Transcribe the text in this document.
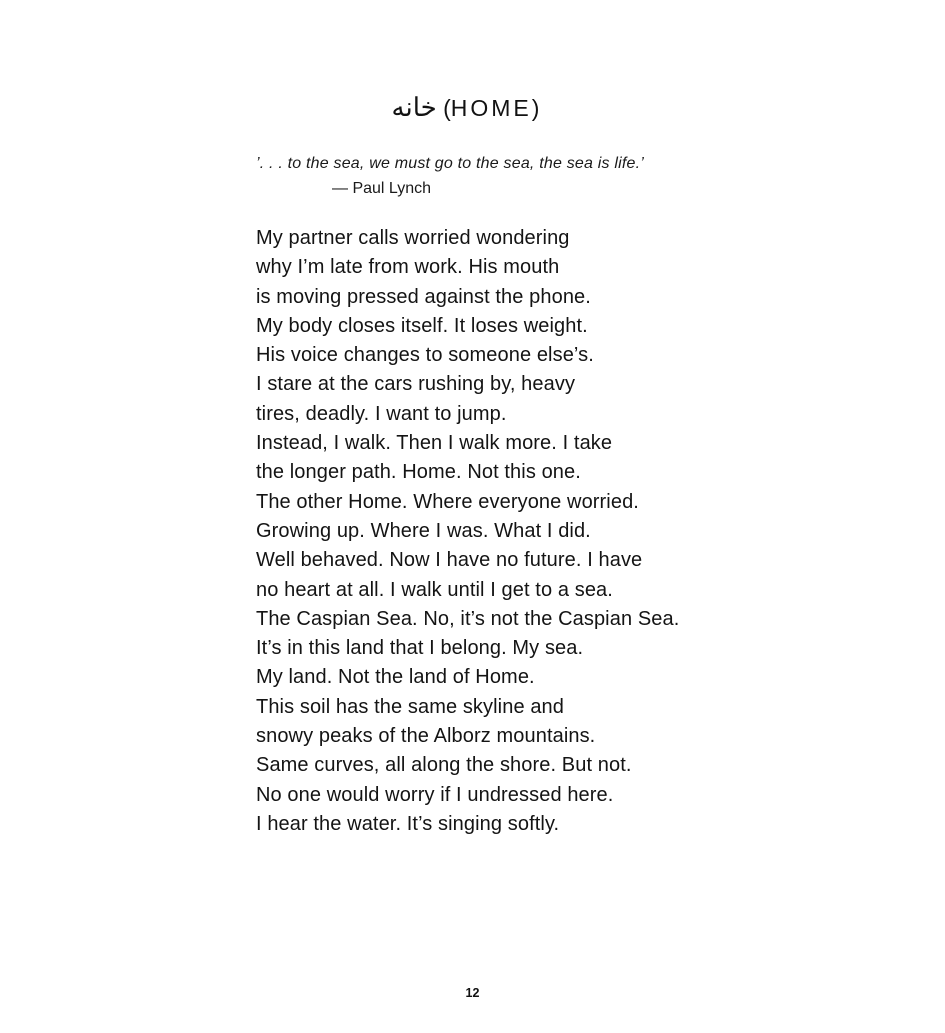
خانه (HOME)
’. . . to the sea, we must go to the sea, the sea is life.’
— Paul Lynch
My partner calls worried wondering
why I’m late from work. His mouth
is moving pressed against the phone.
My body closes itself. It loses weight.
His voice changes to someone else’s.
I stare at the cars rushing by, heavy
tires, deadly. I want to jump.
Instead, I walk. Then I walk more. I take
the longer path. Home. Not this one.
The other Home. Where everyone worried.
Growing up. Where I was. What I did.
Well behaved. Now I have no future. I have
no heart at all. I walk until I get to a sea.
The Caspian Sea. No, it’s not the Caspian Sea.
It’s in this land that I belong. My sea.
My land. Not the land of Home.
This soil has the same skyline and
snowy peaks of the Alborz mountains.
Same curves, all along the shore. But not.
No one would worry if I undressed here.
I hear the water. It’s singing softly.
12
